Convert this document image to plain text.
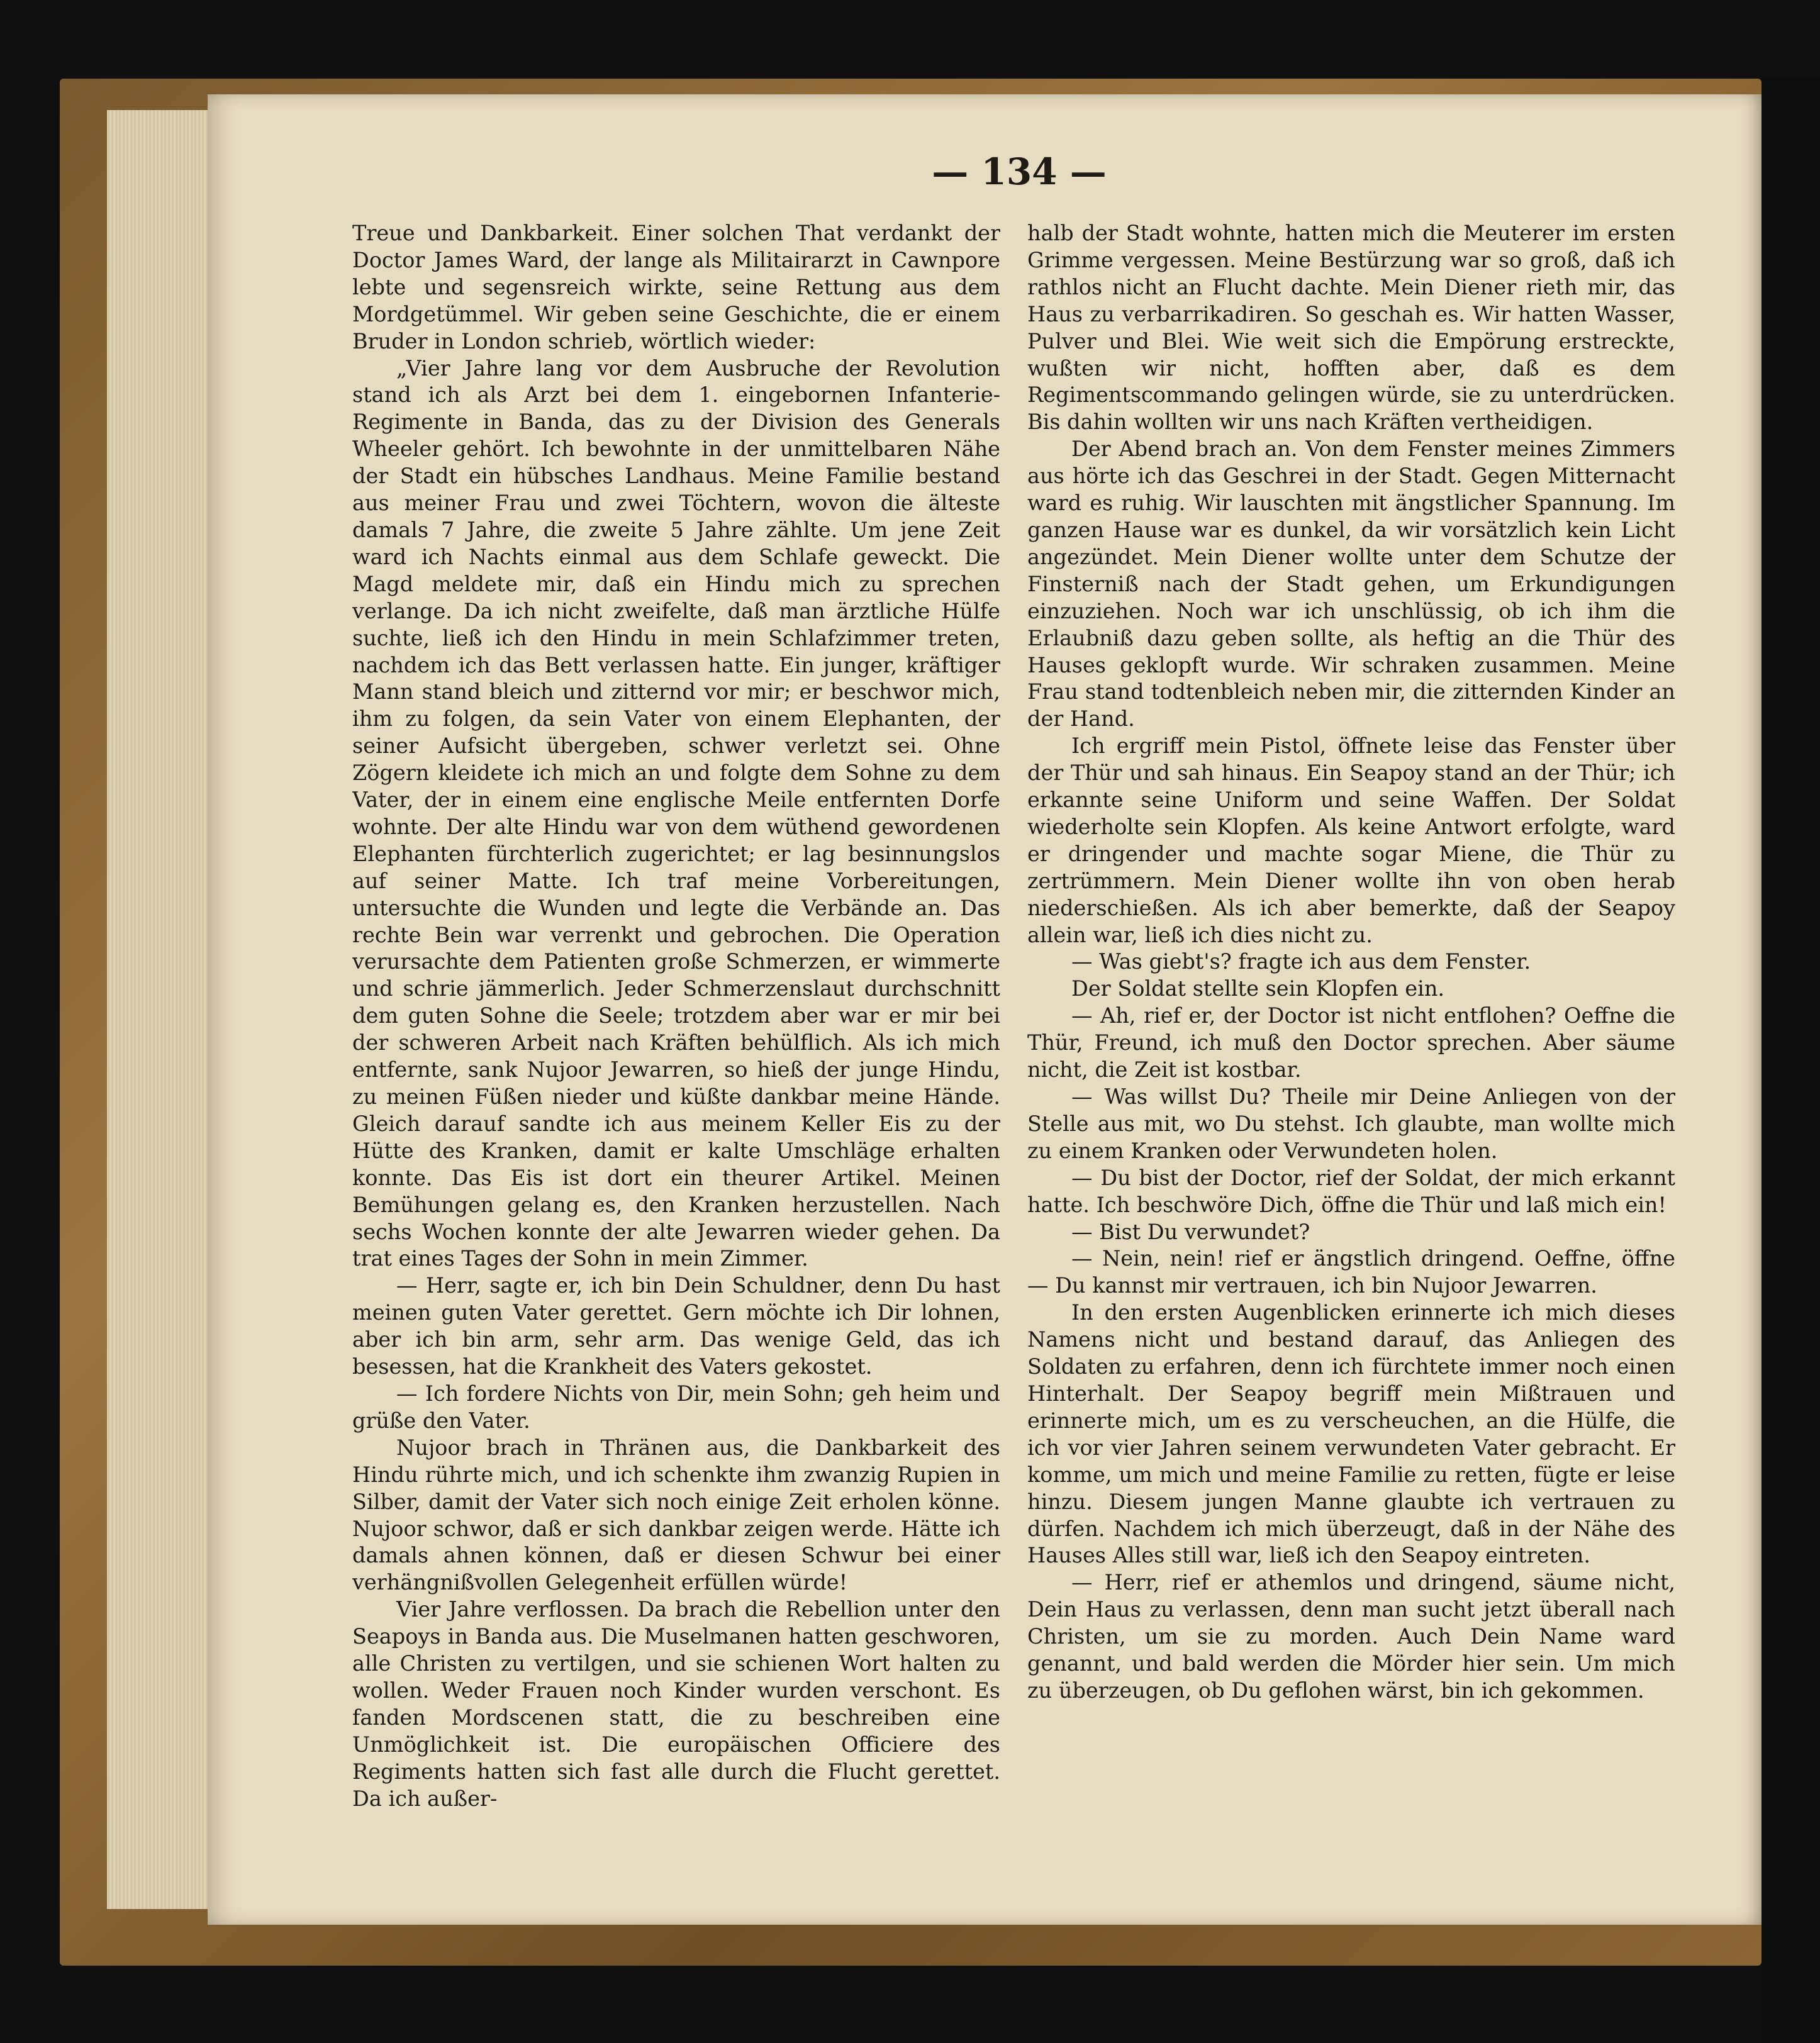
— 134 —

Treue und Dankbarkeit. Einer solchen That verdankt der Doctor James Ward, der lange als Militairarzt in Cawnpore lebte und segensreich wirkte, seine Rettung aus dem Mordgetümmel. Wir geben seine Geschichte, die er einem Bruder in London schrieb, wörtlich wieder:

„Vier Jahre lang vor dem Ausbruche der Revolution stand ich als Arzt bei dem 1. eingebornen Infanterie-Regimente in Banda, das zu der Division des Generals Wheeler gehört. Ich bewohnte in der unmittelbaren Nähe der Stadt ein hübsches Landhaus. Meine Familie bestand aus meiner Frau und zwei Töchtern, wovon die älteste damals 7 Jahre, die zweite 5 Jahre zählte. Um jene Zeit ward ich Nachts einmal aus dem Schlafe geweckt. Die Magd meldete mir, daß ein Hindu mich zu sprechen verlange. Da ich nicht zweifelte, daß man ärztliche Hülfe suchte, ließ ich den Hindu in mein Schlafzimmer treten, nachdem ich das Bett verlassen hatte. Ein junger, kräftiger Mann stand bleich und zitternd vor mir; er beschwor mich, ihm zu folgen, da sein Vater von einem Elephanten, der seiner Aufsicht übergeben, schwer verletzt sei. Ohne Zögern kleidete ich mich an und folgte dem Sohne zu dem Vater, der in einem eine englische Meile entfernten Dorfe wohnte. Der alte Hindu war von dem wüthend gewordenen Elephanten fürchterlich zugerichtet; er lag besinnungslos auf seiner Matte. Ich traf meine Vorbereitungen, untersuchte die Wunden und legte die Verbände an. Das rechte Bein war verrenkt und gebrochen. Die Operation verursachte dem Patienten große Schmerzen, er wimmerte und schrie jämmerlich. Jeder Schmerzenslaut durchschnitt dem guten Sohne die Seele; trotzdem aber war er mir bei der schweren Arbeit nach Kräften behülflich. Als ich mich entfernte, sank Nujoor Jewarren, so hieß der junge Hindu, zu meinen Füßen nieder und küßte dankbar meine Hände. Gleich darauf sandte ich aus meinem Keller Eis zu der Hütte des Kranken, damit er kalte Umschläge erhalten konnte. Das Eis ist dort ein theurer Artikel. Meinen Bemühungen gelang es, den Kranken herzustellen. Nach sechs Wochen konnte der alte Jewarren wieder gehen. Da trat eines Tages der Sohn in mein Zimmer.

— Herr, sagte er, ich bin Dein Schuldner, denn Du hast meinen guten Vater gerettet. Gern möchte ich Dir lohnen, aber ich bin arm, sehr arm. Das wenige Geld, das ich besessen, hat die Krankheit des Vaters gekostet.

— Ich fordere Nichts von Dir, mein Sohn; geh heim und grüße den Vater.

Nujoor brach in Thränen aus, die Dankbarkeit des Hindu rührte mich, und ich schenkte ihm zwanzig Rupien in Silber, damit der Vater sich noch einige Zeit erholen könne. Nujoor schwor, daß er sich dankbar zeigen werde. Hätte ich damals ahnen können, daß er diesen Schwur bei einer verhängnißvollen Gelegenheit erfüllen würde!

Vier Jahre verflossen. Da brach die Rebellion unter den Seapoys in Banda aus. Die Muselmanen hatten geschworen, alle Christen zu vertilgen, und sie schienen Wort halten zu wollen. Weder Frauen noch Kinder wurden verschont. Es fanden Mordscenen statt, die zu beschreiben eine Unmöglichkeit ist. Die europäischen Officiere des Regiments hatten sich fast alle durch die Flucht gerettet. Da ich außer-

halb der Stadt wohnte, hatten mich die Meuterer im ersten Grimme vergessen. Meine Bestürzung war so groß, daß ich rathlos nicht an Flucht dachte. Mein Diener rieth mir, das Haus zu verbarrikadiren. So geschah es. Wir hatten Wasser, Pulver und Blei. Wie weit sich die Empörung erstreckte, wußten wir nicht, hofften aber, daß es dem Regimentscommando gelingen würde, sie zu unterdrücken. Bis dahin wollten wir uns nach Kräften vertheidigen.

Der Abend brach an. Von dem Fenster meines Zimmers aus hörte ich das Geschrei in der Stadt. Gegen Mitternacht ward es ruhig. Wir lauschten mit ängstlicher Spannung. Im ganzen Hause war es dunkel, da wir vorsätzlich kein Licht angezündet. Mein Diener wollte unter dem Schutze der Finsterniß nach der Stadt gehen, um Erkundigungen einzuziehen. Noch war ich unschlüssig, ob ich ihm die Erlaubniß dazu geben sollte, als heftig an die Thür des Hauses geklopft wurde. Wir schraken zusammen. Meine Frau stand todtenbleich neben mir, die zitternden Kinder an der Hand.

Ich ergriff mein Pistol, öffnete leise das Fenster über der Thür und sah hinaus. Ein Seapoy stand an der Thür; ich erkannte seine Uniform und seine Waffen. Der Soldat wiederholte sein Klopfen. Als keine Antwort erfolgte, ward er dringender und machte sogar Miene, die Thür zu zertrümmern. Mein Diener wollte ihn von oben herab niederschießen. Als ich aber bemerkte, daß der Seapoy allein war, ließ ich dies nicht zu.

— Was giebt's? fragte ich aus dem Fenster.

Der Soldat stellte sein Klopfen ein.

— Ah, rief er, der Doctor ist nicht entflohen? Oeffne die Thür, Freund, ich muß den Doctor sprechen. Aber säume nicht, die Zeit ist kostbar.

— Was willst Du? Theile mir Deine Anliegen von der Stelle aus mit, wo Du stehst. Ich glaubte, man wollte mich zu einem Kranken oder Verwundeten holen.

— Du bist der Doctor, rief der Soldat, der mich erkannt hatte. Ich beschwöre Dich, öffne die Thür und laß mich ein!

— Bist Du verwundet?

— Nein, nein! rief er ängstlich dringend. Oeffne, öffne — Du kannst mir vertrauen, ich bin Nujoor Jewarren.

In den ersten Augenblicken erinnerte ich mich dieses Namens nicht und bestand darauf, das Anliegen des Soldaten zu erfahren, denn ich fürchtete immer noch einen Hinterhalt. Der Seapoy begriff mein Mißtrauen und erinnerte mich, um es zu verscheuchen, an die Hülfe, die ich vor vier Jahren seinem verwundeten Vater gebracht. Er komme, um mich und meine Familie zu retten, fügte er leise hinzu. Diesem jungen Manne glaubte ich vertrauen zu dürfen. Nachdem ich mich überzeugt, daß in der Nähe des Hauses Alles still war, ließ ich den Seapoy eintreten.

— Herr, rief er athemlos und dringend, säume nicht, Dein Haus zu verlassen, denn man sucht jetzt überall nach Christen, um sie zu morden. Auch Dein Name ward genannt, und bald werden die Mörder hier sein. Um mich zu überzeugen, ob Du geflohen wärst, bin ich gekommen.
